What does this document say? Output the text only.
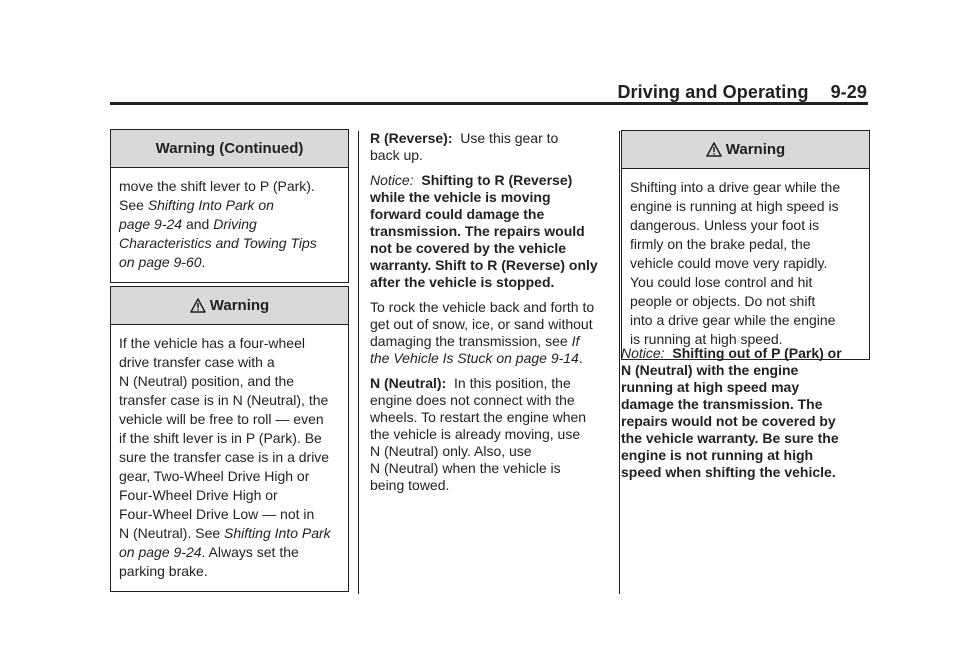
Driving and Operating 9-29
Warning (Continued)
move the shift lever to P (Park).
See Shifting Into Park on
page 9-24 and Driving
Characteristics and Towing Tips
on page 9-60.
Warning
If the vehicle has a four-wheel
drive transfer case with a
N (Neutral) position, and the
transfer case is in N (Neutral), the
vehicle will be free to roll — even
if the shift lever is in P (Park). Be
sure the transfer case is in a drive
gear, Two-Wheel Drive High or
Four-Wheel Drive High or
Four-Wheel Drive Low — not in
N (Neutral). See Shifting Into Park
on page 9-24. Always set the
parking brake.

R (Reverse):  Use this gear to
back up.

Notice: Shifting to R (Reverse)
while the vehicle is moving
forward could damage the
transmission. The repairs would
not be covered by the vehicle
warranty. Shift to R (Reverse) only
after the vehicle is stopped.

To rock the vehicle back and forth to
get out of snow, ice, or sand without
damaging the transmission, see If
the Vehicle Is Stuck on page 9-14.

N (Neutral):  In this position, the
engine does not connect with the
wheels. To restart the engine when
the vehicle is already moving, use
N (Neutral) only. Also, use
N (Neutral) when the vehicle is
being towed.

Warning
Shifting into a drive gear while the
engine is running at high speed is
dangerous. Unless your foot is
firmly on the brake pedal, the
vehicle could move very rapidly.
You could lose control and hit
people or objects. Do not shift
into a drive gear while the engine
is running at high speed.

Notice: Shifting out of P (Park) or
N (Neutral) with the engine
running at high speed may
damage the transmission. The
repairs would not be covered by
the vehicle warranty. Be sure the
engine is not running at high
speed when shifting the vehicle.
